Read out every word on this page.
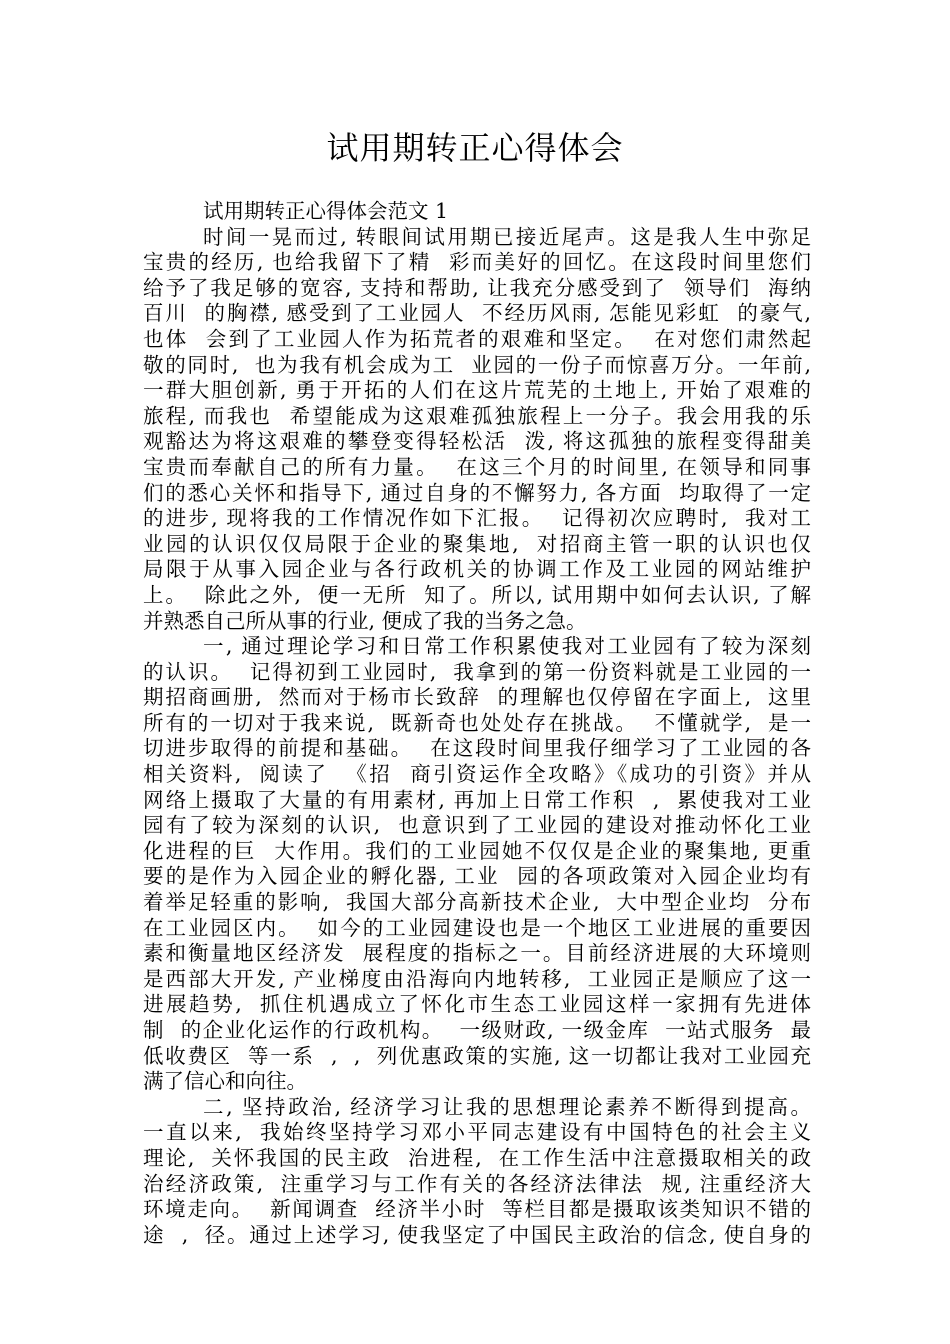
试用期转正心得体会
试用期转正心得体会范文 1
时间一晃而过, 转眼间试用期已接近尾声。这是我人生中弥足
宝贵的经历, 也给我留下了精  彩而美好的回忆。在这段时间里您们
给予了我足够的宽容, 支持和帮助, 让我充分感受到了  领导们  海纳
百川  的胸襟, 感受到了工业园人  不经历风雨, 怎能见彩虹  的豪气,
也体  会到了工业园人作为拓荒者的艰难和坚定。  在对您们肃然起
敬的同时,  也为我有机会成为工  业园的一份子而惊喜万分。一年前,
一群大胆创新, 勇于开拓的人们在这片荒芜的土地上, 开始了艰难的
旅程, 而我也  希望能成为这艰难孤独旅程上一分子。我会用我的乐
观豁达为将这艰难的攀登变得轻松活  泼, 将这孤独的旅程变得甜美
宝贵而奉献自己的所有力量。  在这三个月的时间里, 在领导和同事
们的悉心关怀和指导下, 通过自身的不懈努力, 各方面  均取得了一定
的进步, 现将我的工作情况作如下汇报。  记得初次应聘时,  我对工
业园的认识仅仅局限于企业的聚集地,  对招商主管一职的认识也仅
局限于从事入园企业与各行政机关的协调工作及工业园的网站维护
上。  除此之外,  便一无所  知了。所以, 试用期中如何去认识, 了解
并熟悉自己所从事的行业, 便成了我的当务之急。
一, 通过理论学习和日常工作积累使我对工业园有了较为深刻
的认识。  记得初到工业园时,  我拿到的第一份资料就是工业园的一
期招商画册,  然而对于杨市长致辞  的理解也仅停留在字面上,  这里
所有的一切对于我来说,  既新奇也处处存在挑战。  不懂就学,  是一
切进步取得的前提和基础。  在这段时间里我仔细学习了工业园的各
相关资料,  阅读了  《招  商引资运作全攻略》《成功的引资》并从
网络上摄取了大量的有用素材, 再加上日常工作积  ,  累使我对工业
园有了较为深刻的认识,  也意识到了工业园的建设对推动怀化工业
化进程的巨  大作用。我们的工业园她不仅仅是企业的聚集地, 更重
要的是作为入园企业的孵化器, 工业  园的各项政策对入园企业均有
着举足轻重的影响,  我国大部分高新技术企业,  大中型企业均  分布
在工业园区内。  如今的工业园建设也是一个地区工业进展的重要因
素和衡量地区经济发  展程度的指标之一。目前经济进展的大环境则
是西部大开发, 产业梯度由沿海向内地转移,  工业园正是顺应了这一
进展趋势,  抓住机遇成立了怀化市生态工业园这样一家拥有先进体
制  的企业化运作的行政机构。  一级财政, 一级金库  一站式服务  最
低收费区  等一系  ,  ,  列优惠政策的实施, 这一切都让我对工业园充
满了信心和向往。
二, 坚持政治, 经济学习让我的思想理论素养不断得到提高。
一直以来,  我始终坚持学习邓小平同志建设有中国特色的社会主义
理论,  关怀我国的民主政  治进程,  在工作生活中注意摄取相关的政
治经济政策,  注重学习与工作有关的各经济法律法  规, 注重经济大
环境走向。  新闻调查  经济半小时  等栏目都是摄取该类知识不错的
途  ,  径。通过上述学习, 使我坚定了中国民主政治的信念, 使自身的
